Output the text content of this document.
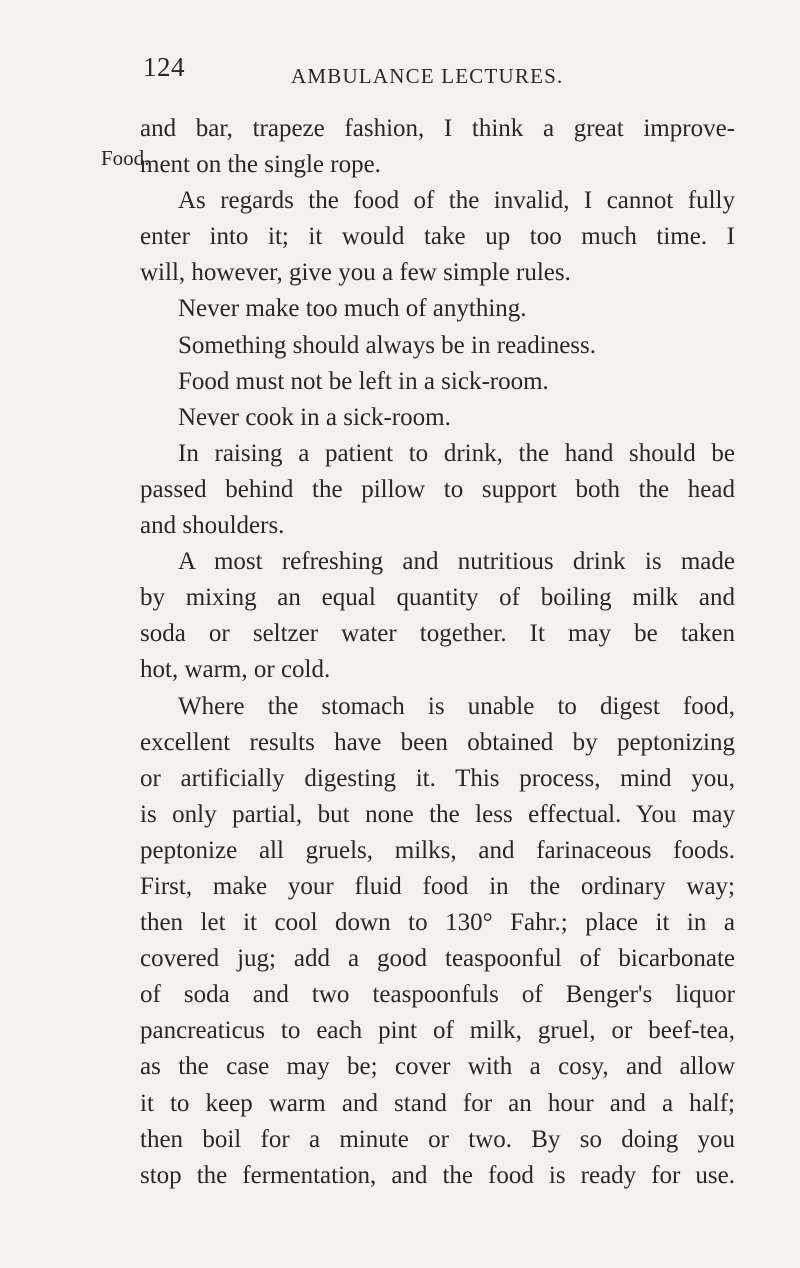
124	AMBULANCE LECTURES.
Food.
and bar, trapeze fashion, I think a great improve-
ment on the single rope.
As regards the food of the invalid, I cannot fully
enter into it; it would take up too much time. I
will, however, give you a few simple rules.
Never make too much of anything.
Something should always be in readiness.
Food must not be left in a sick-room.
Never cook in a sick-room.
In raising a patient to drink, the hand should be
passed behind the pillow to support both the head
and shoulders.
A most refreshing and nutritious drink is made
by mixing an equal quantity of boiling milk and
soda or seltzer water together. It may be taken
hot, warm, or cold.
Where the stomach is unable to digest food,
excellent results have been obtained by peptonizing
or artificially digesting it. This process, mind you,
is only partial, but none the less effectual. You may
peptonize all gruels, milks, and farinaceous foods.
First, make your fluid food in the ordinary way;
then let it cool down to 130° Fahr.; place it in a
covered jug; add a good teaspoonful of bicarbonate
of soda and two teaspoonfuls of Benger's liquor
pancreaticus to each pint of milk, gruel, or beef-tea,
as the case may be; cover with a cosy, and allow
it to keep warm and stand for an hour and a half;
then boil for a minute or two. By so doing you
stop the fermentation, and the food is ready for use.
